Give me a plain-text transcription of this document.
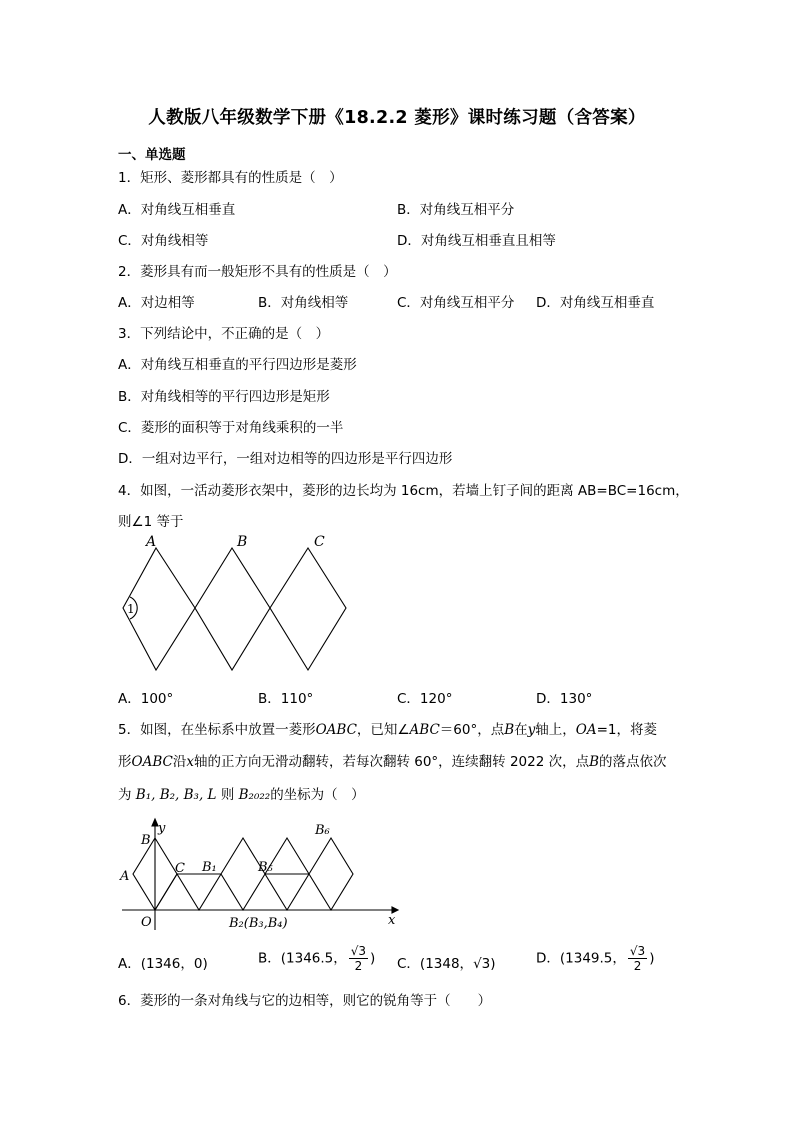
人教版八年级数学下册《18.2.2 菱形》课时练习题（含答案）
一、单选题
1．矩形、菱形都具有的性质是（　）
A．对角线互相垂直	B．对角线互相平分
C．对角线相等	D．对角线互相垂直且相等
2．菱形具有而一般矩形不具有的性质是（　）
A．对边相等	B．对角线相等	C．对角线互相平分 D．对角线互相垂直
3．下列结论中，不正确的是（　）
A．对角线互相垂直的平行四边形是菱形
B．对角线相等的平行四边形是矩形
C．菱形的面积等于对角线乘积的一半
D．一组对边平行，一组对边相等的四边形是平行四边形
4．如图，一活动菱形衣架中，菱形的边长均为 16cm，若墙上钉子间的距离 AB=BC=16cm，
则∠1 等于
A	B	C
1
A．100°	B．110°	C．120°	D．130°
5．如图，在坐标系中放置一菱形OABC，已知∠ABC＝60°，点B在y轴上，OA=1，将菱
形OABC沿x轴的正方向无滑动翻转，若每次翻转 60°，连续翻转 2022 次，点B的落点依次
为 B₁, B₂, B₃, L 则 B₂₀₂₂的坐标为（　）
B
y
A
O
C B₁	B₅
B₆
B₂(B₃,B₄)	x
A．(1346，0)	B．(1346.5， $\frac{√3}{2}$ ) C．(1348，√3)	D．(1349.5， $\frac{√3}{2}$ )
6．菱形的一条对角线与它的边相等，则它的锐角等于（　　）
